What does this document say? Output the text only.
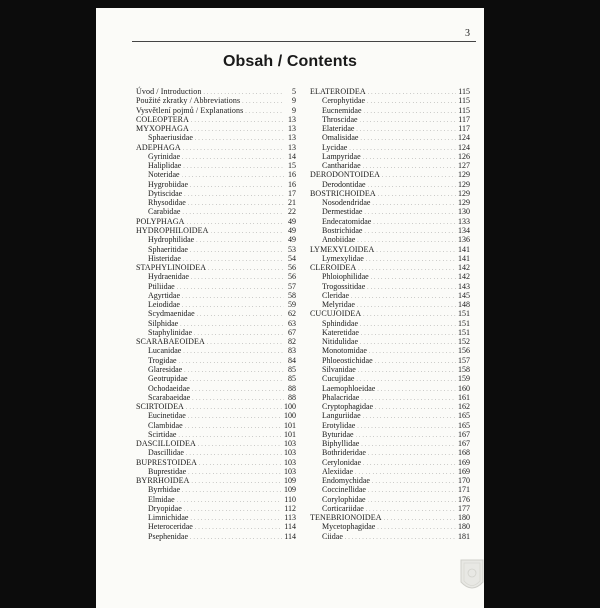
3
Obsah / Contents
Úvod / Introduction . . .	5
Použité zkratky / Abbreviations . . .	9
Vysvětlení pojmů / Explanations . . .	9
COLEOPTERA . . .	13
MYXOPHAGA . . .	13
Sphaeriusidae . . .	13
ADEPHAGA . . .	13
Gyrinidae . . .	14
Haliplidae . . .	15
Noteridae . . .	16
Hygrobiidae . . .	16
Dytiscidae . . .	17
Rhysodidae . . .	21
Carabidae . . .	22
POLYPHAGA . . .	49
HYDROPHILOIDEA . . .	49
Hydrophilidae . . .	49
Sphaeritidae . . .	53
Histeridae . . .	54
STAPHYLINOIDEA . . .	56
Hydraenidae . . .	56
Ptiliidae . . .	57
Agyrtidae . . .	58
Leiodidae . . .	59
Scydmaenidae . . .	62
Silphidae . . .	63
Staphylinidae . . .	67
SCARABAEOIDEA . . .	82
Lucanidae . . .	83
Trogidae . . .	84
Glaresidae . . .	85
Geotrupidae . . .	85
Ochodaeidae . . .	88
Scarabaeidae . . .	88
SCIRTOIDEA . . .	100
Eucinetidae . . .	100
Clambidae . . .	101
Scirtidae . . .	101
DASCILLOIDEA . . .	103
Dascillidae . . .	103
BUPRESTOIDEA . . .	103
Buprestidae . . .	103
BYRRHOIDEA . . .	109
Byrrhidae . . .	109
Elmidae . . .	110
Dryopidae . . .	112
Limnichidae . . .	113
Heteroceridae . . .	114
Psephenidae . . .	114
ELATEROIDEA . . .	115
Cerophytidae . . .	115
Eucnemidae . . .	115
Throscidae . . .	117
Elateridae . . .	117
Omalisidae . . .	124
Lycidae . . .	124
Lampyridae . . .	126
Cantharidae . . .	127
DERODONTOIDEA . . .	129
Derodontidae . . .	129
BOSTRICHOIDEA . . .	129
Nosodendridae . . .	129
Dermestidae . . .	130
Endecatomidae . . .	133
Bostrichidae . . .	134
Anobiidae . . .	136
LYMEXYLOIDEA . . .	141
Lymexylidae . . .	141
CLEROIDEA . . .	142
Phloiophilidae . . .	142
Trogossitidae . . .	143
Cleridae . . .	145
Melyridae . . .	148
CUCUJOIDEA . . .	151
Sphindidae . . .	151
Kateretidae . . .	151
Nitidulidae . . .	152
Monotomidae . . .	156
Phloeostichidae . . .	157
Silvanidae . . .	158
Cucujidae . . .	159
Laemophloeidae . . .	160
Phalacridae . . .	161
Cryptophagidae . . .	162
Languriidae . . .	165
Erotylidae . . .	165
Byturidae . . .	167
Biphyllidae . . .	167
Bothrideridae . . .	168
Cerylonidae . . .	169
Alexiidae . . .	169
Endomychidae . . .	170
Coccinellidae . . .	171
Corylophidae . . .	176
Corticariidae . . .	177
TENEBRIONOIDEA . . .	180
Mycetophagidae . . .	180
Ciidae . . .	181
